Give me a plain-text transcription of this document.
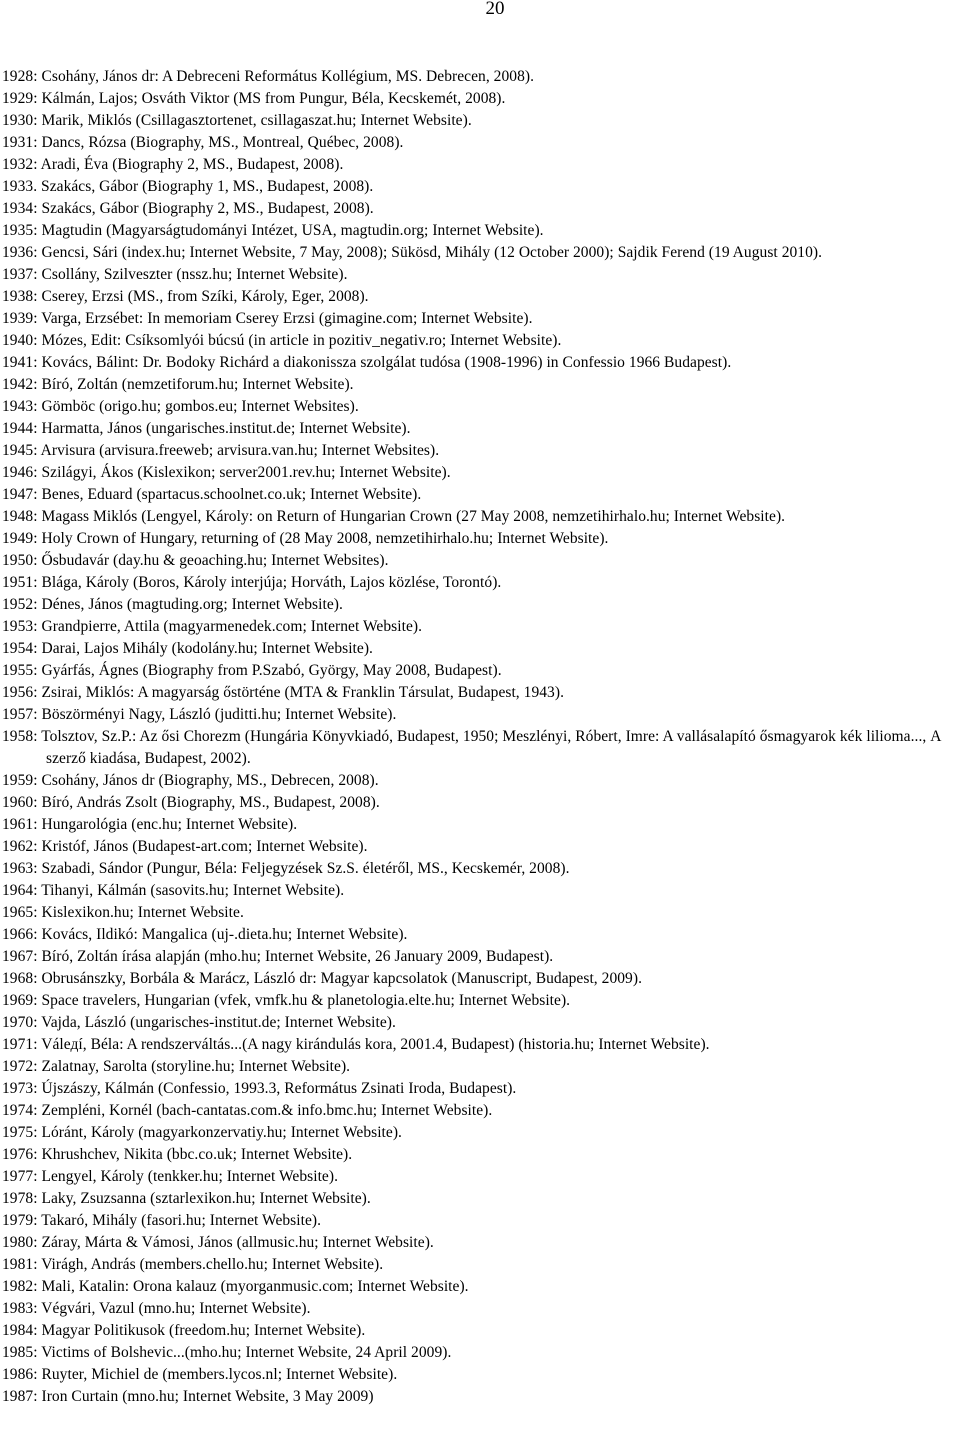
20
1928: Csohány, János dr: A Debreceni Református Kollégium, MS. Debrecen, 2008).
1929: Kálmán, Lajos; Osváth Viktor (MS from Pungur, Béla, Kecskemét, 2008).
1930: Marik, Miklós (Csillagasztortenet, csillagaszat.hu; Internet Website).
1931: Dancs, Rózsa (Biography, MS., Montreal, Québec, 2008).
1932: Aradi, Éva (Biography 2, MS., Budapest, 2008).
1933. Szakács, Gábor (Biography 1, MS., Budapest, 2008).
1934: Szakács, Gábor (Biography 2, MS., Budapest, 2008).
1935: Magtudin (Magyarságtudományi Intézet, USA, magtudin.org; Internet Website).
1936: Gencsi, Sári (index.hu; Internet Website, 7 May, 2008); Sükösd, Mihály (12 October 2000); Sajdik Ferend (19 August 2010).
1937: Csollány, Szilveszter (nssz.hu; Internet Website).
1938: Cserey, Erzsi (MS., from Szíki, Károly, Eger, 2008).
1939: Varga, Erzsébet: In memoriam Cserey Erzsi (gimagine.com; Internet Website).
1940: Mózes, Edit: Csíksomlyói búcsú (in article in pozitiv_negativ.ro; Internet Website).
1941: Kovács, Bálint: Dr. Bodoky Richárd a diakonissza szolgálat tudósa (1908-1996) in Confessio 1966 Budapest).
1942: Bíró, Zoltán (nemzetiforum.hu; Internet Website).
1943: Gömböc (origo.hu; gombos.eu; Internet Websites).
1944: Harmatta, János (ungarisches.institut.de; Internet Website).
1945: Arvisura (arvisura.freeweb; arvisura.van.hu; Internet Websites).
1946: Szilágyi, Ákos (Kislexikon; server2001.rev.hu; Internet Website).
1947: Benes, Eduard (spartacus.schoolnet.co.uk; Internet Website).
1948: Magass Miklós (Lengyel, Károly: on Return of Hungarian Crown (27 May 2008, nemzetihirhalo.hu; Internet Website).
1949: Holy Crown of Hungary, returning of (28 May 2008, nemzetihirhalo.hu; Internet Website).
1950: Ősbudavár (day.hu & geoaching.hu; Internet Websites).
1951: Blága, Károly (Boros, Károly interjúja; Horváth, Lajos közlése, Torontó).
1952: Dénes, János (magtuding.org; Internet Website).
1953: Grandpierre, Attila (magyarmenedek.com; Internet Website).
1954: Darai, Lajos Mihály (kodolány.hu; Internet Website).
1955: Gyárfás, Ágnes (Biography from P.Szabó, György, May 2008, Budapest).
1956: Zsirai, Miklós: A magyarság őstörténe (MTA & Franklin Társulat, Budapest, 1943).
1957: Böszörményi Nagy, László (juditti.hu; Internet Website).
1958: Tolsztov, Sz.P.: Az ősi Chorezm (Hungária Könyvkiadó, Budapest, 1950; Meszlényi, Róbert, Imre: A vallásalapító ősmagyarok kék liliomа..., A szerző kiadása, Budapest, 2002).
1959: Csohány, János dr (Biography, MS., Debrecen, 2008).
1960: Bíró, András Zsolt (Biography, MS., Budapest, 2008).
1961: Hungarológia (enc.hu; Internet Website).
1962: Kristóf, János (Budapest-art.com; Internet Website).
1963: Szabadi, Sándor (Pungur, Béla: Feljegyzések Sz.S. életéről, MS., Kecskemér, 2008).
1964: Tihanyi, Kálmán (sasovits.hu; Internet Website).
1965: Kislexikon.hu; Internet Website.
1966: Kovács, Ildikó: Mangalica (uj-.dieta.hu; Internet Website).
1967: Bíró, Zoltán írása alapján (mho.hu; Internet Website, 26 January 2009, Budapest).
1968: Obrusánszky, Borbála & Marácz, László dr: Magyar kapcsolatok (Manuscript, Budapest, 2009).
1969: Space travelers, Hungarian (vfek, vmfk.hu & planetologia.elte.hu; Internet Website).
1970: Vajda, László (ungarisches-institut.de; Internet Website).
1971: Válедí, Béla: A rendszerváltás...(A nagy kirándulás kora, 2001.4, Budapest) (historia.hu; Internet Website).
1972: Zalatnay, Sarolta (storyline.hu; Internet Website).
1973: Újszászy, Kálmán (Confessio, 1993.3, Református Zsinati Iroda, Budapest).
1974: Zempléni, Kornél (bach-cantatas.com.& info.bmc.hu; Internet Website).
1975: Lóránt, Károly (magyarkonzervatiy.hu; Internet Website).
1976: Khrushchev, Nikita (bbc.co.uk; Internet Website).
1977: Lengyel, Károly (tenkker.hu; Internet Website).
1978: Laky, Zsuzsanna (sztarlexikon.hu; Internet Website).
1979: Takaró, Mihály (fasori.hu; Internet Website).
1980: Záray, Márta & Vámosi, János (allmusic.hu; Internet Website).
1981: Virágh, András (members.chello.hu; Internet Website).
1982: Mali, Katalin: Orona kalauz (myorganmusic.com; Internet Website).
1983: Végvári, Vazul (mno.hu; Internet Website).
1984: Magyar Politikusok (freedom.hu; Internet Website).
1985: Victims of Bolshevic...(mho.hu; Internet Website, 24 April 2009).
1986: Ruyter, Michiel de (members.lycos.nl; Internet Website).
1987: Iron Curtain (mno.hu; Internet Website, 3 May 2009)
